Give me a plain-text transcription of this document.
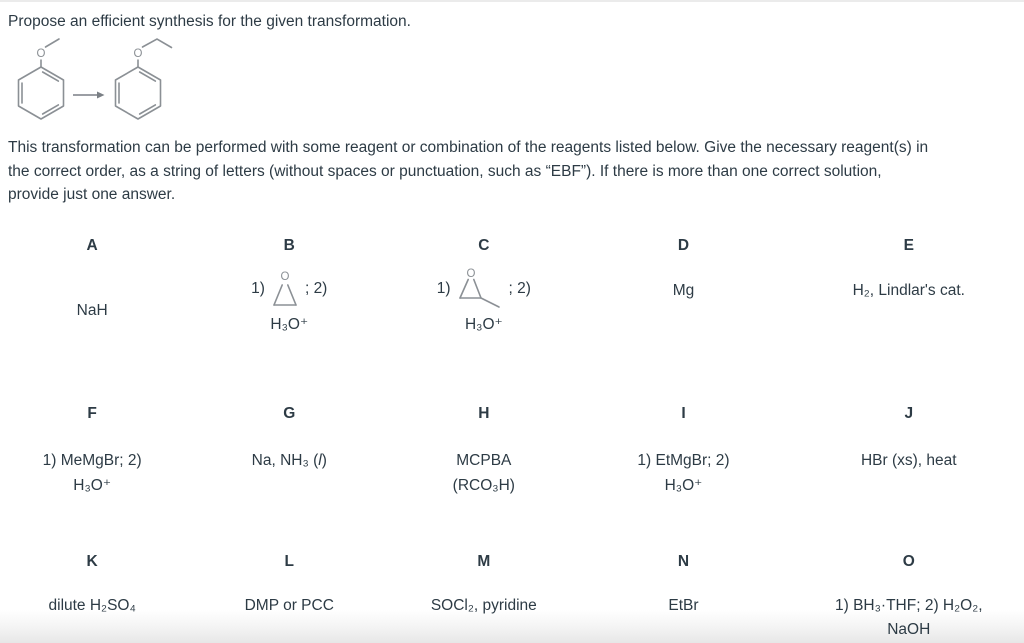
Propose an efficient synthesis for the given transformation.

O	O
This transformation can be performed with some reagent or combination of the reagents listed below. Give the necessary reagent(s) in
the correct order, as a string of letters (without spaces or punctuation, such as “EBF”). If there is more than one correct solution,
provide just one answer.
A
NaH
B
1)
O
; 2)
H₃O⁺
C
1)
O
; 2)
H₃O⁺
D
Mg
E
H₂, Lindlar's cat.
F
1) MeMgBr; 2)
H₃O⁺
G
Na, NH₃ (l)
H
MCPBA
(RCO₃H)
I
1) EtMgBr; 2)
H₃O⁺
J
HBr (xs), heat
K
dilute H₂SO₄
L
DMP or PCC
M
SOCl₂, pyridine
N
EtBr
O
1) BH₃·THF; 2) H₂O₂,
NaOH
